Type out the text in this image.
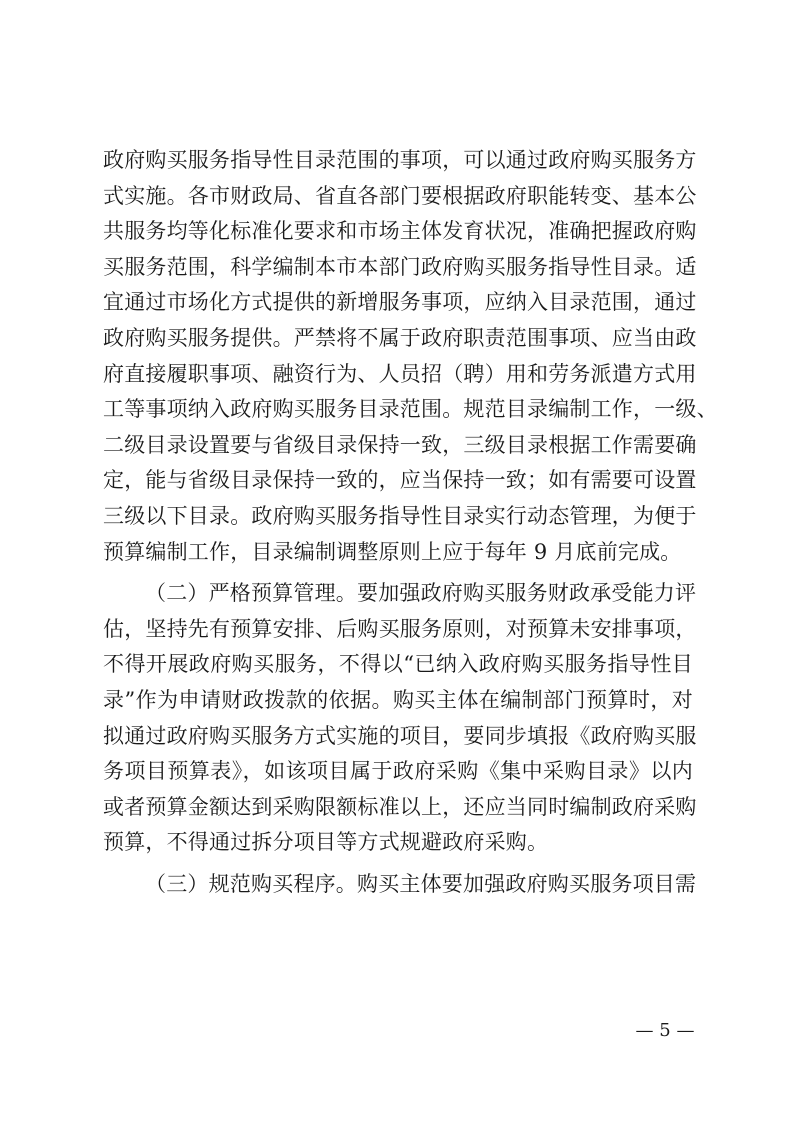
政府购买服务指导性目录范围的事项，可以通过政府购买服务方
式实施。各市财政局、省直各部门要根据政府职能转变、基本公
共服务均等化标准化要求和市场主体发育状况，准确把握政府购
买服务范围，科学编制本市本部门政府购买服务指导性目录。适
宜通过市场化方式提供的新增服务事项，应纳入目录范围，通过
政府购买服务提供。严禁将不属于政府职责范围事项、应当由政
府直接履职事项、融资行为、人员招（聘）用和劳务派遣方式用
工等事项纳入政府购买服务目录范围。规范目录编制工作，一级、
二级目录设置要与省级目录保持一致，三级目录根据工作需要确
定，能与省级目录保持一致的，应当保持一致；如有需要可设置
三级以下目录。政府购买服务指导性目录实行动态管理，为便于
预算编制工作，目录编制调整原则上应于每年 9 月底前完成。
（二）严格预算管理。要加强政府购买服务财政承受能力评
估，坚持先有预算安排、后购买服务原则，对预算未安排事项，
不得开展政府购买服务，不得以“已纳入政府购买服务指导性目
录”作为申请财政拨款的依据。购买主体在编制部门预算时，对
拟通过政府购买服务方式实施的项目，要同步填报《政府购买服
务项目预算表》，如该项目属于政府采购《集中采购目录》以内
或者预算金额达到采购限额标准以上，还应当同时编制政府采购
预算，不得通过拆分项目等方式规避政府采购。
（三）规范购买程序。购买主体要加强政府购买服务项目需
— 5 —
